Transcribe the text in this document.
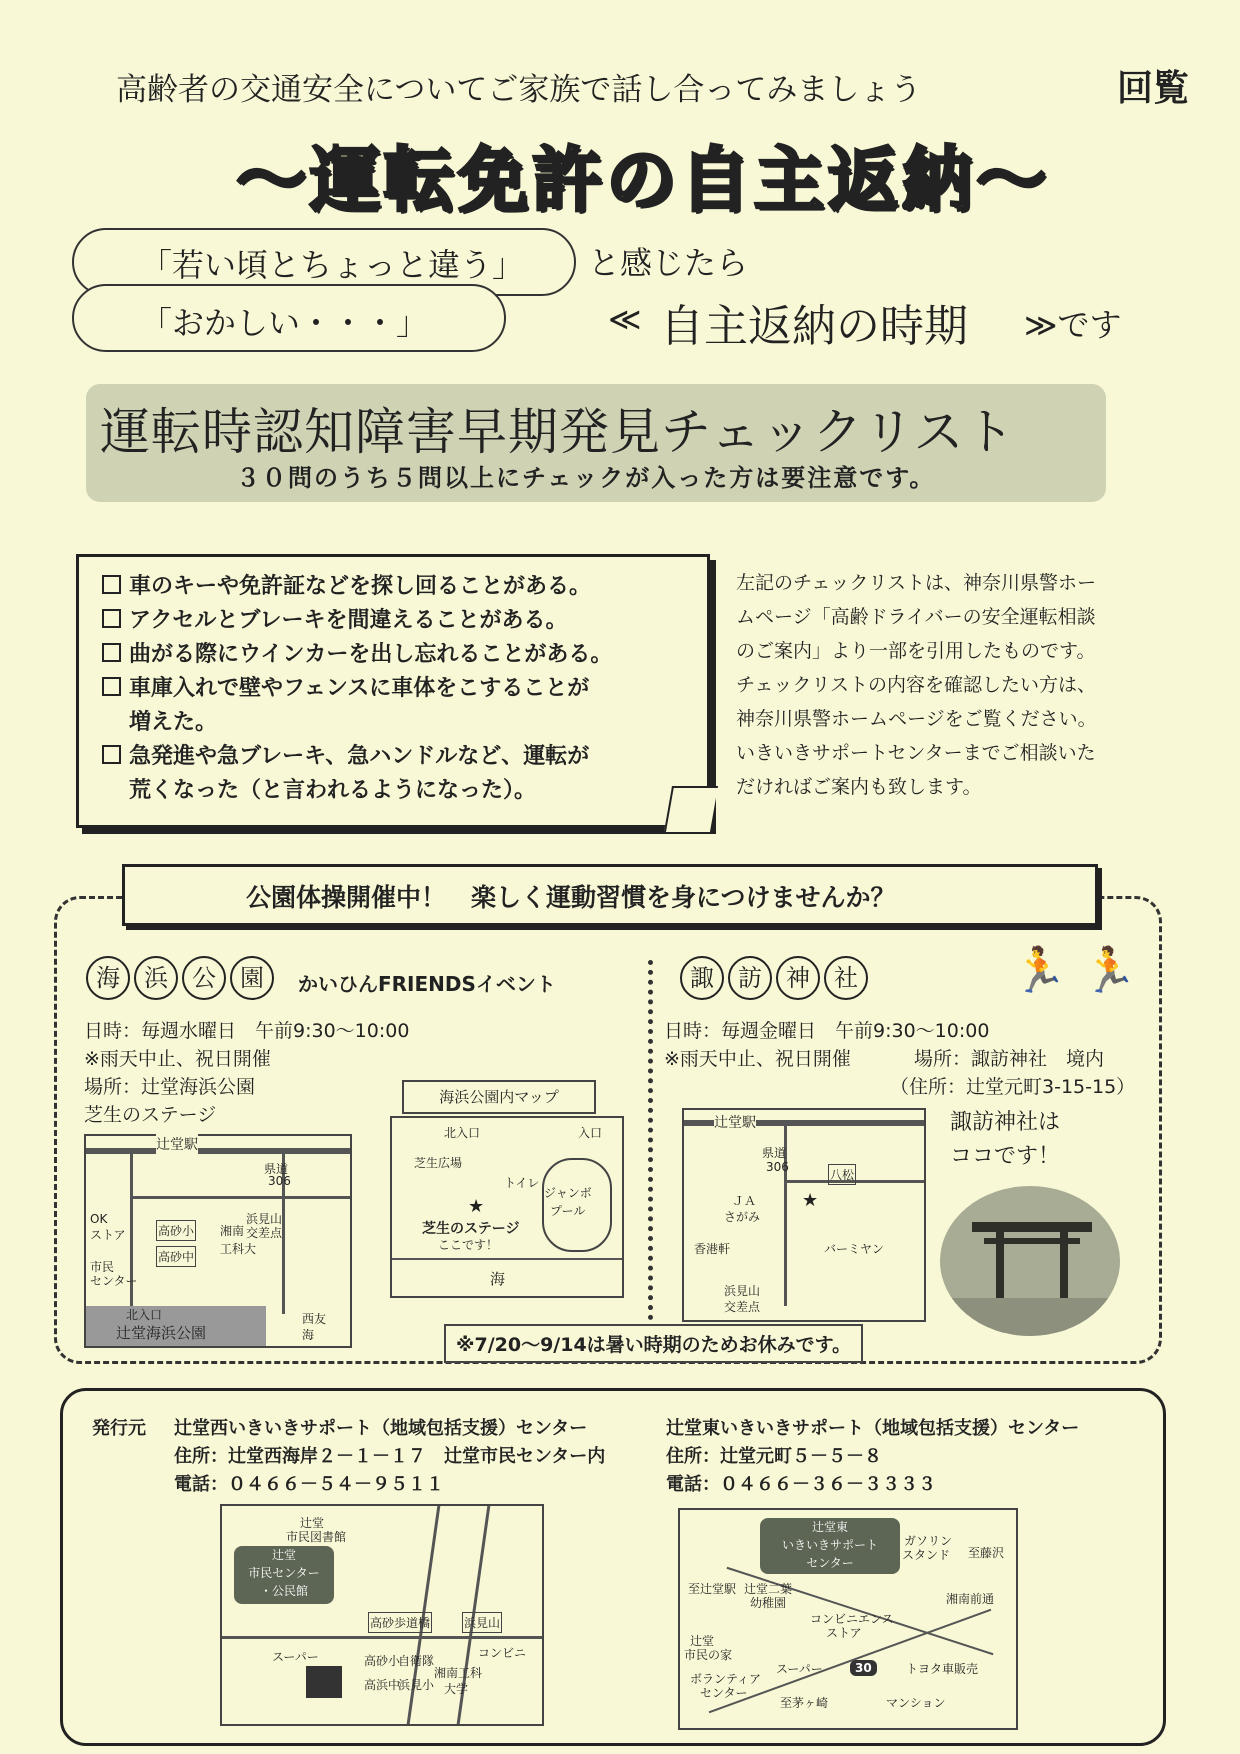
高齢者の交通安全についてご家族で話し合ってみましょう	回覧
～運転免許の自主返納～
「若い頃とちょっと違う」
「おかしい・・・」
と感じたら
≪ 自主返納の時期 ≫です
運転時認知障害早期発見チェックリスト
３０問のうち５問以上にチェックが入った方は要注意です。
車のキーや免許証などを探し回ることがある。
アクセルとブレーキを間違えることがある。
曲がる際にウインカーを出し忘れることがある。
車庫入れで壁やフェンスに車体をこすることが
増えた。
急発進や急ブレーキ、急ハンドルなど、運転が
荒くなった（と言われるようになった）。
左記のチェックリストは、神奈川県警ホー
ムページ「高齢ドライバーの安全運転相談
のご案内」より一部を引用したものです。
チェックリストの内容を確認したい方は、
神奈川県警ホームページをご覧ください。
いきいきサポートセンターまでご相談いた
だければご案内も致します。
公園体操開催中！　楽しく運動習慣を身につけませんか？
海 浜 公 園	かいひんFRIENDSイベント
日時：毎週水曜日　午前9:30～10:00
※雨天中止、祝日開催
場所：辻堂海浜公園
芝生のステージ
辻堂駅
県道
306
浜見山
交差点
OK
ストア	高砂小
高砂中
湘南
工科大
市民
センター
北入口
辻堂海浜公園
西友
海
海浜公園内マップ
北入口	入口
芝生広場
トイレ
ジャンボ
プール
★
芝生のステージ
ここです！
海
諏 訪 神 社	🏃 🏃
日時：毎週金曜日　午前9:30～10:00
※雨天中止、祝日開催	場所：諏訪神社　境内
（住所：辻堂元町3-15-15）
辻堂駅
県道
306
八松
ＪＡ
さがみ
★
香港軒	バーミヤン
浜見山
交差点
諏訪神社は
ココです！
※7/20～9/14は暑い時期のためお休みです。
発行元 辻堂西いきいきサポート（地域包括支援）センター
住所：辻堂西海岸２－１－１７　辻堂市民センター内
電話：０４６６－５４－９５１１
辻堂東いきいきサポート（地域包括支援）センター
住所：辻堂元町５－５－８
電話：０４６６－３６－３３３３
辻堂
市民図書館
辻堂
市民センター
・公民館
高砂歩道橋	浜見山
コンビニ
スーパー	高砂小
高浜中
自衛隊
浜見小
湘南工科
大学
辻堂東
いきいきサポート
センター
ガソリン
スタンド 至藤沢
至辻堂駅 辻堂二葉
幼稚園	湘南前通
コンビニエンス
ストア
辻堂
市民の家
ボランティア
センター
スーパー	30	トヨタ車販売
マンション
至茅ヶ崎
